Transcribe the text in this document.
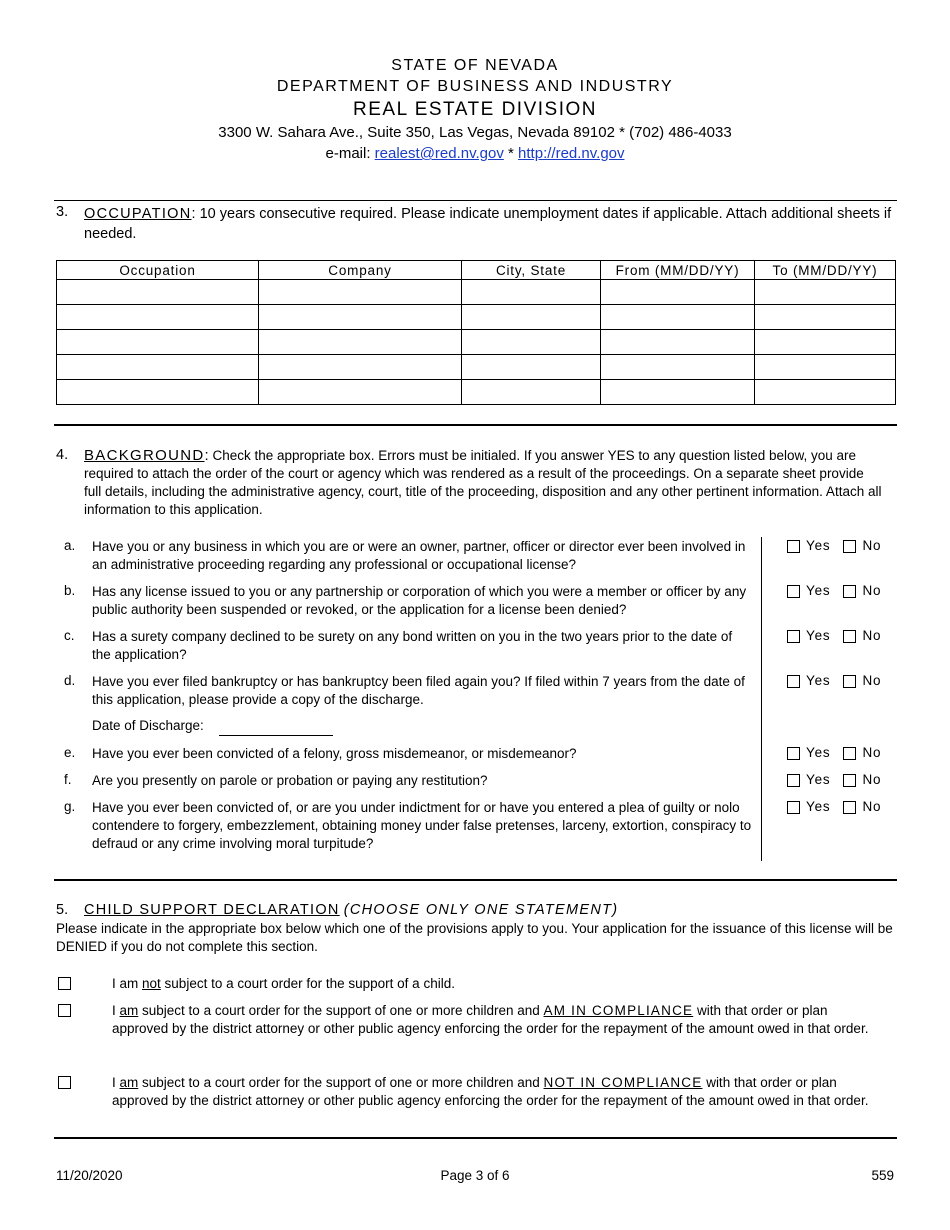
STATE OF NEVADA
DEPARTMENT OF BUSINESS AND INDUSTRY
REAL ESTATE DIVISION
3300 W. Sahara Ave., Suite 350, Las Vegas, Nevada 89102 * (702) 486-4033
e-mail: realest@red.nv.gov * http://red.nv.gov
3. OCCUPATION: 10 years consecutive required. Please indicate unemployment dates if applicable. Attach additional sheets if needed.
Occupation	Company	City, State	From (MM/DD/YY)	To (MM/DD/YY)

4. BACKGROUND: Check the appropriate box. Errors must be initialed. If you answer YES to any question listed below, you are required to attach the order of the court or agency which was rendered as a result of the proceedings. On a separate sheet provide full details, including the administrative agency, court, title of the proceeding, disposition and any other pertinent information. Attach all information to this application.
a. Have you or any business in which you are or were an owner, partner, officer or director ever been involved in an administrative proceeding regarding any professional or occupational license?
Yes No
b. Has any license issued to you or any partnership or corporation of which you were a member or officer by any public authority been suspended or revoked, or the application for a license been denied?
Yes No
c. Has a surety company declined to be surety on any bond written on you in the two years prior to the date of the application?
Yes No
d. Have you ever filed bankruptcy or has bankruptcy been filed again you? If filed within 7 years from the date of this application, please provide a copy of the discharge.
Yes No
Date of Discharge:
e. Have you ever been convicted of a felony, gross misdemeanor, or misdemeanor?	Yes No
f. Are you presently on parole or probation or paying any restitution?	Yes No
g. Have you ever been convicted of, or are you under indictment for or have you entered a plea of guilty or nolo contendere to forgery, embezzlement, obtaining money under false pretenses, larceny, extortion, conspiracy to defraud or any crime involving moral turpitude?
Yes No
5. CHILD SUPPORT DECLARATION (CHOOSE ONLY ONE STATEMENT)
Please indicate in the appropriate box below which one of the provisions apply to you. Your application for the issuance of this license will be DENIED if you do not complete this section.
I am not subject to a court order for the support of a child.
I am subject to a court order for the support of one or more children and AM IN COMPLIANCE with that order or plan approved by the district attorney or other public agency enforcing the order for the repayment of the amount owed in that order.
I am subject to a court order for the support of one or more children and NOT IN COMPLIANCE with that order or plan approved by the district attorney or other public agency enforcing the order for the repayment of the amount owed in that order.
11/20/2020	Page 3 of 6	559
